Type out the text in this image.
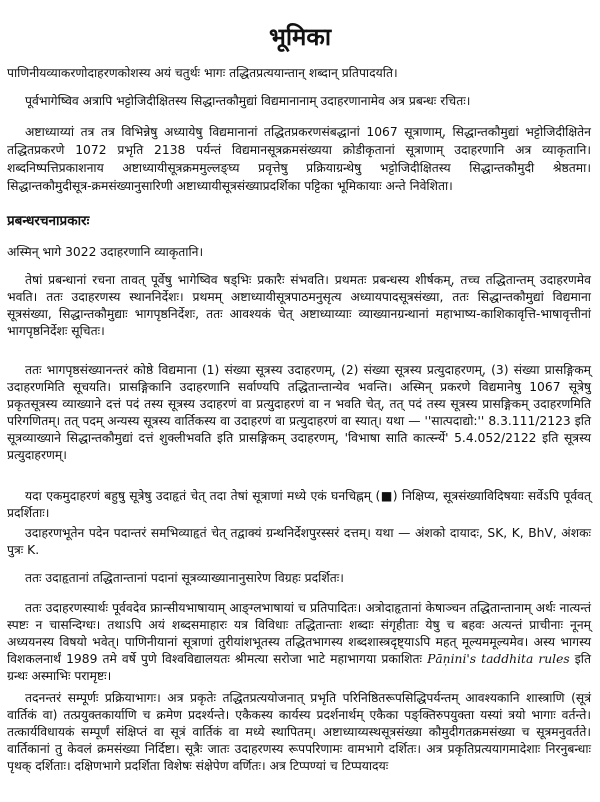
भूमिका

पाणिनीयव्याकरणोदाहरणकोशस्य अयं चतुर्थः भागः तद्धितप्रत्ययान्तान् शब्दान् प्रतिपादयति।

पूर्वभागेष्विव अत्रापि भट्टोजिदीक्षितस्य सिद्धान्तकौमुद्यां विद्यमानानाम् उदाहरणानामेव अत्र प्रबन्धः रचितः।

अष्टाध्याय्यां तत्र तत्र विभिन्नेषु अध्यायेषु विद्यमानानां तद्धितप्रकरणसंबद्धानां 1067 सूत्राणाम्, सिद्धान्तकौमुद्यां भट्टोजिदीक्षितेन तद्धितप्रकरणे 1072 प्रभृति 2138 पर्यन्तं विद्यमानसूत्रक्रमसंख्यया क्रोडीकृतानां सूत्राणाम् उदाहरणानि अत्र व्याकृतानि। शब्दनिष्पत्तिप्रकाशनाय अष्टाध्यायीसूत्रक्रममुल्लङ्घ्य प्रवृत्तेषु प्रक्रियाग्रन्थेषु भट्टोजिदीक्षितस्य सिद्धान्तकौमुदी श्रेष्ठतमा। सिद्धान्तकौमुदीसूत्र-क्रमसंख्यानुसारिणी अष्टाध्यायीसूत्रसंख्याप्रदर्शिका पट्टिका भूमिकायाः अन्ते निवेशिता।

प्रबन्धरचनाप्रकारः

अस्मिन् भागे 3022 उदाहरणानि व्याकृतानि।

तेषां प्रबन्धानां रचना तावत् पूर्वेषु भागेष्विव षड्भिः प्रकारैः संभवति। प्रथमतः प्रबन्धस्य शीर्षकम्, तच्च तद्धितान्तम् उदाहरणमेव भवति। ततः उदाहरणस्य स्थाननिर्देशः। प्रथमम् अष्टाध्यायीसूत्रपाठमनुसृत्य अध्यायपादसूत्रसंख्या, ततः सिद्धान्तकौमुद्यां विद्यमाना सूत्रसंख्या, सिद्धान्तकौमुद्याः भागपृष्ठनिर्देशः, ततः आवश्यकं चेत् अष्टाध्याय्याः व्याख्यानग्रन्थानां महाभाष्य-काशिकावृत्ति-भाषावृत्तीनां भागपृष्ठनिर्देशः सूचितः।

ततः भागपृष्ठसंख्यानन्तरं कोष्ठे विद्यमाना (1) संख्या सूत्रस्य उदाहरणम्, (2) संख्या सूत्रस्य प्रत्युदाहरणम्, (3) संख्या प्रासङ्गिकम् उदाहरणमिति सूचयति। प्रासङ्गिकानि उदाहरणानि सर्वाण्यपि तद्धितान्तान्येव भवन्ति। अस्मिन् प्रकरणे विद्यमानेषु 1067 सूत्रेषु प्रकृतसूत्रस्य व्याख्याने दत्तं पदं तस्य सूत्रस्य उदाहरणं वा प्रत्युदाहरणं वा न भवति चेत्, तत् पदं तस्य सूत्रस्य प्रासङ्गिकम् उदाहरणमिति परिगणितम्। तत् पदम् अन्यस्य सूत्रस्य वार्तिकस्य वा उदाहरणं वा प्रत्युदाहरणं वा स्यात्। यथा — ''सात्पदाद्यो:'' 8.3.111/2123 इति सूत्रव्याख्याने सिद्धान्तकौमुद्यां दत्तं शुक्लीभवति इति प्रासङ्गिकम् उदाहरणम्, 'विभाषा साति कार्त्स्न्ये' 5.4.052/2122 इति सूत्रस्य प्रत्युदाहरणम्।

यदा एकमुदाहरणं बहुषु सूत्रेषु उदाहृतं चेत् तदा तेषां सूत्राणां मध्ये एकं घनचिह्नम् (■) निक्षिप्य, सूत्रसंख्याविदिषयाः सर्वेऽपि पूर्ववत् प्रदर्शिताः।

उदाहरणभूतेन पदेन पदान्तरं समभिव्याहृतं चेत् तद्वाक्यं ग्रन्थनिर्देशपुरस्सरं दत्तम्। यथा — अंशको दायादः, SK, K, BhV, अंशकः पुत्रः K.

ततः उदाहृतानां तद्धितान्तानां पदानां सूत्रव्याख्यानानुसारेण विग्रहः प्रदर्शितः।

ततः उदाहरणस्यार्थः पूर्ववदेव फ्रान्सीयभाषायाम् आङ्ग्लभाषायां च प्रतिपादितः। अत्रोदाहृतानां केषाञ्चन तद्धितान्तानाम् अर्थः नात्यन्तं स्पष्टः न चासन्दिग्धः। तथाऽपि अयं शब्दसमाहारः यत्र विविधाः तद्धितान्ताः शब्दाः संगृहीताः येषु च बहवः अत्यन्तं प्राचीनाः नूनम् अध्ययनस्य विषयो भवेत्। पाणिनीयानां सूत्राणां तुरीयांशभूतस्य तद्धितभागस्य शब्दशास्त्रदृष्ट्याऽपि महत् मूल्यममूल्यमेव। अस्य भागस्य विशकलनार्थं 1989 तमे वर्षे पुणे विश्वविद्यालयतः श्रीमत्या सरोजा भाटे महाभागया प्रकाशितः Pāṇini's taddhita rules इति ग्रन्थः अस्माभिः परामृष्टः।

तदनन्तरं सम्पूर्णः प्रक्रियाभागः। अत्र प्रकृतेः तद्धितप्रत्ययोजनात् प्रभृति परिनिष्ठितरूपसिद्धिपर्यन्तम् आवश्यकानि शास्त्राणि (सूत्रं वार्तिकं वा) तत्प्रयुक्तकार्याणि च क्रमेण प्रदर्श्यन्ते। एकैकस्य कार्यस्य प्रदर्शनार्थम् एकैका पङ्क्तिरुपयुक्ता यस्यां त्रयो भागाः वर्तन्ते। तत्कार्यविधायकं सम्पूर्णं संक्षिप्तं वा सूत्रं वार्तिकं वा मध्ये स्थापितम्। अष्टाध्याय्यस्थसूत्रसंख्या कौमुदीगतक्रमसंख्या च सूत्रमनुवर्तते। वार्तिकानां तु केवलं क्रमसंख्या निर्दिष्टा। सूत्रैः जातः उदाहरणस्य रूपपरिणामः वामभागे दर्शितः। अत्र प्रकृतिप्रत्ययागमादेशाः निरनुबन्धाः पृथक् दर्शिताः। दक्षिणभागे प्रदर्शिता विशेषः संक्षेपेण वर्णितः। अत्र टिप्पण्यां च टिप्पयादयः
